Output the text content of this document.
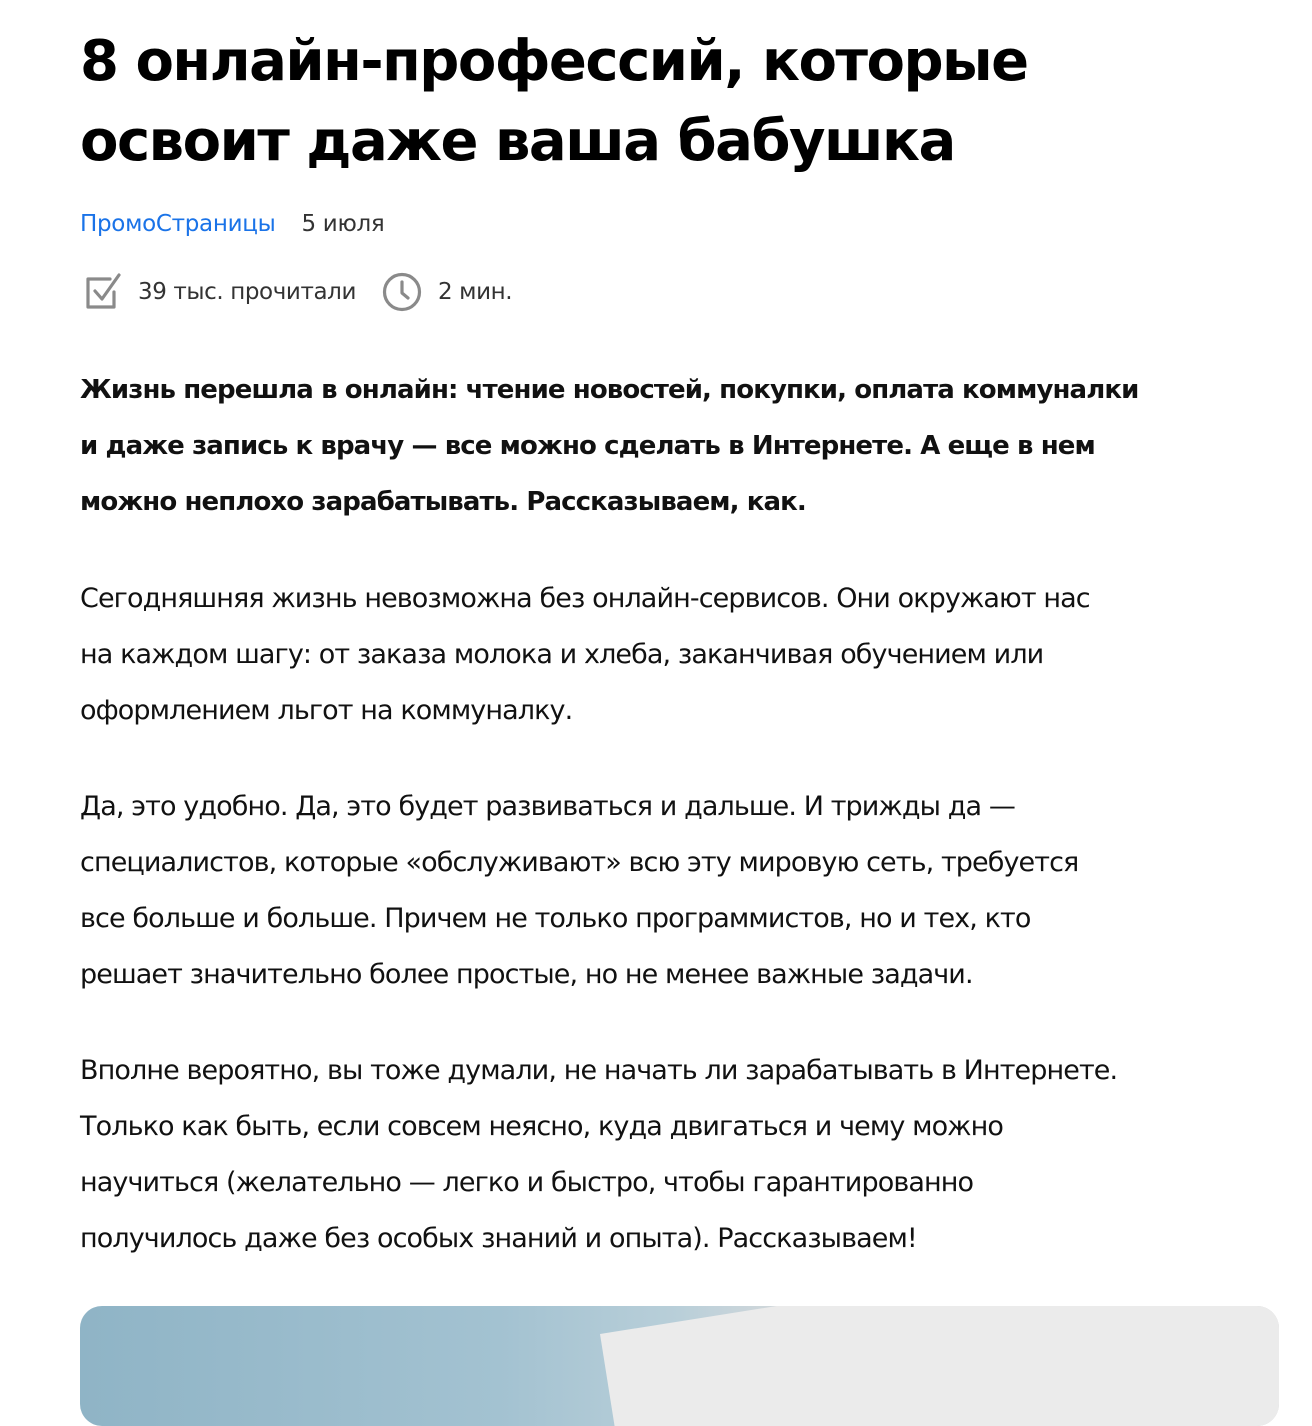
8 онлайн-профессий, которые
освоит даже ваша бабушка
ПромоСтраницы 5 июля
39 тыс. прочитали	2 мин.

Жизнь перешла в онлайн: чтение новостей, покупки, оплата коммуналки
и даже запись к врачу — все можно сделать в Интернете. А еще в нем
можно неплохо зарабатывать. Рассказываем, как.

Сегодняшняя жизнь невозможна без онлайн-сервисов. Они окружают нас
на каждом шагу: от заказа молока и хлеба, заканчивая обучением или
оформлением льгот на коммуналку.

Да, это удобно. Да, это будет развиваться и дальше. И трижды да —
специалистов, которые «обслуживают» всю эту мировую сеть, требуется
все больше и больше. Причем не только программистов, но и тех, кто
решает значительно более простые, но не менее важные задачи.

Вполне вероятно, вы тоже думали, не начать ли зарабатывать в Интернете.
Только как быть, если совсем неясно, куда двигаться и чему можно
научиться (желательно — легко и быстро, чтобы гарантированно
получилось даже без особых знаний и опыта). Рассказываем!
